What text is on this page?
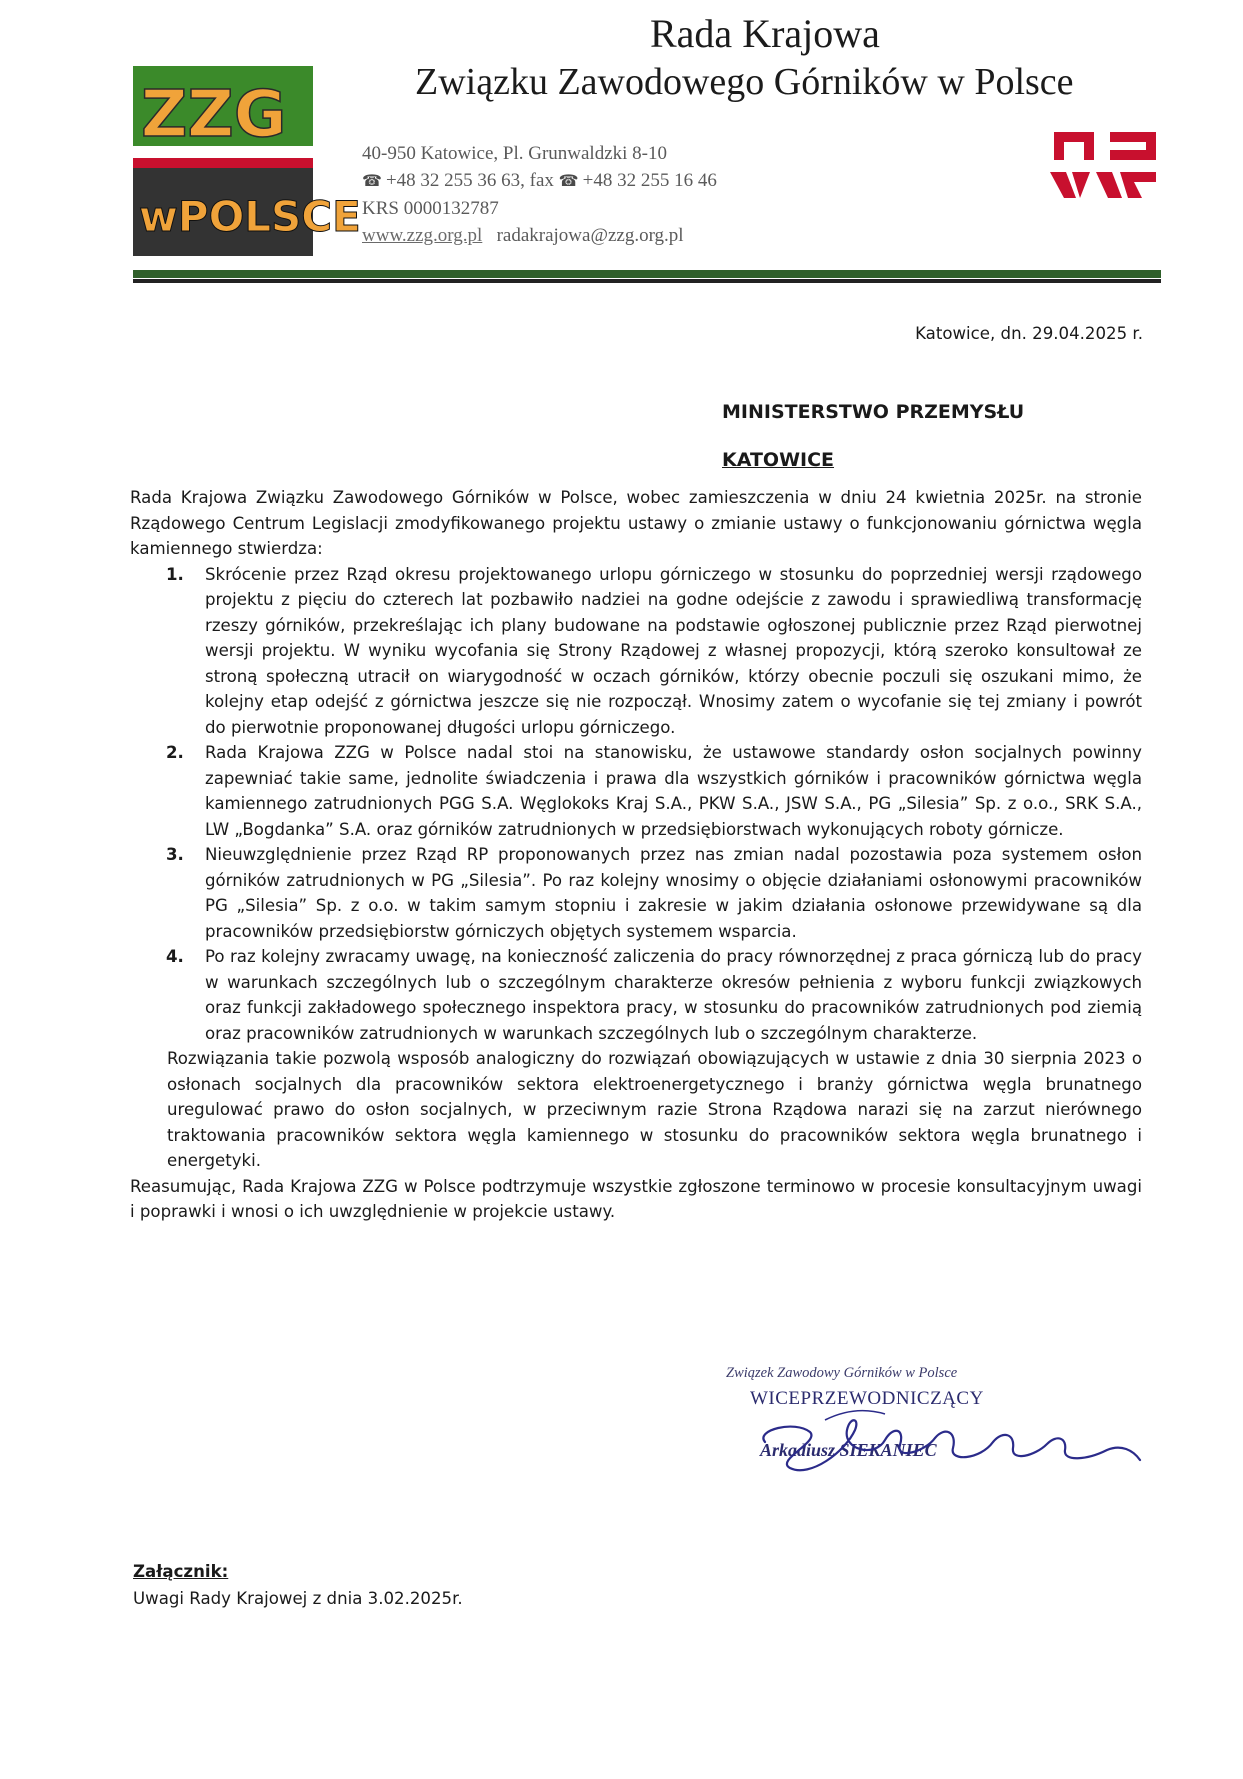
Rada Krajowa
Związku Zawodowego Górników w Polsce
ZZG
wPOLSCE
40-950 Katowice, Pl. Grunwaldzki 8-10
☎ +48 32 255 36 63, fax ☎ +48 32 255 16 46
KRS 0000132787
www.zzg.org.pl radakrajowa@zzg.org.pl
Katowice, dn. 29.04.2025 r.
MINISTERSTWO PRZEMYSŁU
KATOWICE

Rada Krajowa Związku Zawodowego Górników w Polsce, wobec zamieszczenia w dniu 24 kwietnia 2025r. na stronie Rządowego Centrum Legislacji zmodyfikowanego projektu ustawy o zmianie ustawy o funkcjonowaniu górnictwa węgla kamiennego stwierdza:

1. Skrócenie przez Rząd okresu projektowanego urlopu górniczego w stosunku do poprzedniej wersji rządowego projektu z pięciu do czterech lat pozbawiło nadziei na godne odejście z zawodu i sprawiedliwą transformację rzeszy górników, przekreślając ich plany budowane na podstawie ogłoszonej publicznie przez Rząd pierwotnej wersji projektu. W wyniku wycofania się Strony Rządowej z własnej propozycji, którą szeroko konsultował ze stroną społeczną utracił on wiarygodność w oczach górników, którzy obecnie poczuli się oszukani mimo, że kolejny etap odejść z górnictwa jeszcze się nie rozpoczął. Wnosimy zatem o wycofanie się tej zmiany i powrót do pierwotnie proponowanej długości urlopu górniczego.
2. Rada Krajowa ZZG w Polsce nadal stoi na stanowisku, że ustawowe standardy osłon socjalnych powinny zapewniać takie same, jednolite świadczenia i prawa dla wszystkich górników i pracowników górnictwa węgla kamiennego zatrudnionych PGG S.A. Węglokoks Kraj S.A., PKW S.A., JSW S.A., PG „Silesia” Sp. z o.o., SRK S.A., LW „Bogdanka” S.A. oraz górników zatrudnionych w przedsiębiorstwach wykonujących roboty górnicze.
3. Nieuwzględnienie przez Rząd RP proponowanych przez nas zmian nadal pozostawia poza systemem osłon górników zatrudnionych w PG „Silesia”. Po raz kolejny wnosimy o objęcie działaniami osłonowymi pracowników PG „Silesia” Sp. z o.o. w takim samym stopniu i zakresie w jakim działania osłonowe przewidywane są dla pracowników przedsiębiorstw górniczych objętych systemem wsparcia.
4. Po raz kolejny zwracamy uwagę, na konieczność zaliczenia do pracy równorzędnej z praca górniczą lub do pracy w warunkach szczególnych lub o szczególnym charakterze okresów pełnienia z wyboru funkcji związkowych oraz funkcji zakładowego społecznego inspektora pracy, w stosunku do pracowników zatrudnionych pod ziemią oraz pracowników zatrudnionych w warunkach szczególnych lub o szczególnym charakterze.

Rozwiązania takie pozwolą wsposób analogiczny do rozwiązań obowiązujących w ustawie z dnia 30 sierpnia 2023 o osłonach socjalnych dla pracowników sektora elektroenergetycznego i branży górnictwa węgla brunatnego uregulować prawo do osłon socjalnych, w przeciwnym razie Strona Rządowa narazi się na zarzut nierównego traktowania pracowników sektora węgla kamiennego w stosunku do pracowników sektora węgla brunatnego i energetyki.

Reasumując, Rada Krajowa ZZG w Polsce podtrzymuje wszystkie zgłoszone terminowo w procesie konsultacyjnym uwagi i poprawki i wnosi o ich uwzględnienie w projekcie ustawy.

Związek Zawodowy Górników w Polsce
WICEPRZEWODNICZĄCY
Arkadiusz SIEKANIEC
Załącznik:
Uwagi Rady Krajowej z dnia 3.02.2025r.
